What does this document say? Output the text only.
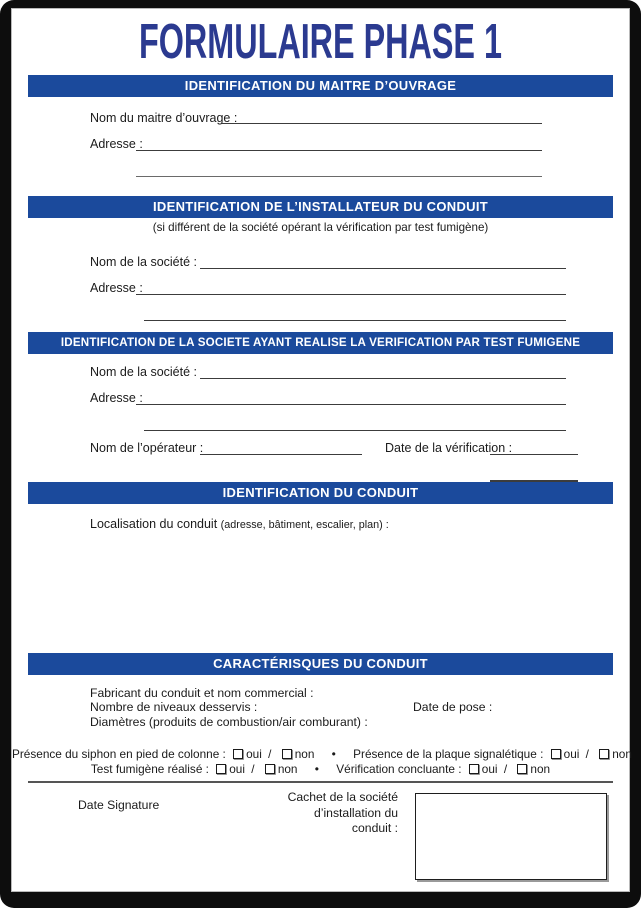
FORMULAIRE PHASE 1
IDENTIFICATION DU MAITRE D’OUVRAGE
Nom du maitre d’ouvrage :
Adresse :
IDENTIFICATION DE L’INSTALLATEUR DU CONDUIT
(si différent de la société opérant la vérification par test fumigène)
Nom de la société :
Adresse :
IDENTIFICATION DE LA SOCIETE AYANT REALISE LA VERIFICATION PAR TEST FUMIGENE
Nom de la société :
Adresse :
Nom de l’opérateur :	Date de la vérification :
IDENTIFICATION DU CONDUIT
Localisation du conduit (adresse, bâtiment, escalier, plan) :
CARACTÉRISQUES DU CONDUIT
Fabricant du conduit et nom commercial :
Nombre de niveaux desservis :
Diamètres (produits de combustion/air comburant) :
Date de pose :
Présence du siphon en pied de colonne : oui / non • Présence de la plaque signalétique : oui / non
Test fumigène réalisé : oui / non • Vérification concluante : oui / non
Date Signature
Cachet de la société
d’installation du
conduit :
